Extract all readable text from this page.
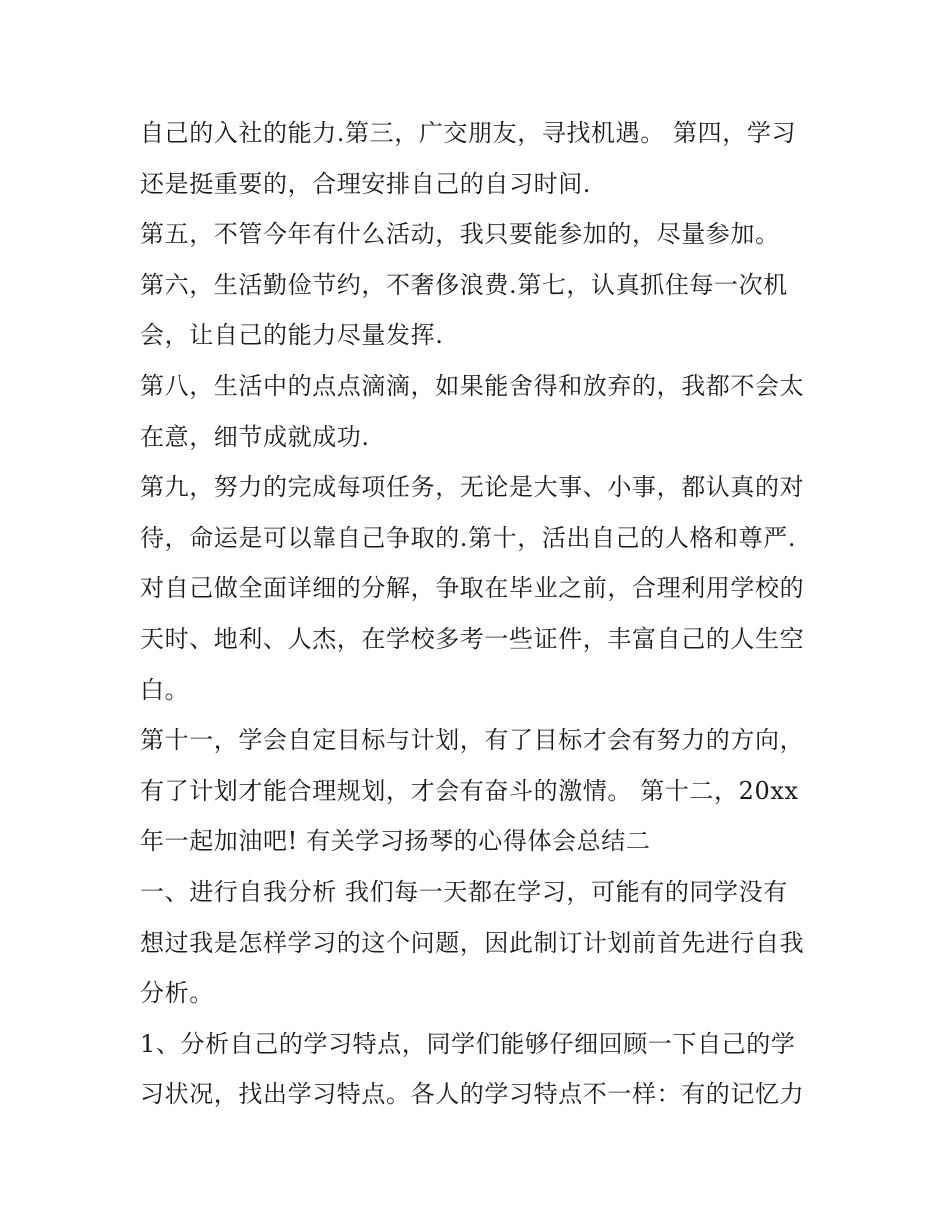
自己的入社的能力.第三，广交朋友，寻找机遇。 第四，学习
还是挺重要的，合理安排自己的自习时间.
第五，不管今年有什么活动，我只要能参加的，尽量参加。
第六，生活勤俭节约，不奢侈浪费.第七，认真抓住每一次机
会，让自己的能力尽量发挥.
第八，生活中的点点滴滴，如果能舍得和放弃的，我都不会太
在意，细节成就成功.
第九，努力的完成每项任务，无论是大事、小事，都认真的对
待，命运是可以靠自己争取的.第十，活出自己的人格和尊严.
对自己做全面详细的分解，争取在毕业之前，合理利用学校的
天时、地利、人杰，在学校多考一些证件，丰富自己的人生空
白。
第十一，学会自定目标与计划，有了目标才会有努力的方向，
有了计划才能合理规划，才会有奋斗的激情。 第十二，20xx
年一起加油吧! 有关学习扬琴的心得体会总结二
一、进行自我分析 我们每一天都在学习，可能有的同学没有
想过我是怎样学习的这个问题，因此制订计划前首先进行自我
分析。
1、分析自己的学习特点，同学们能够仔细回顾一下自己的学
习状况，找出学习特点。各人的学习特点不一样：有的记忆力
